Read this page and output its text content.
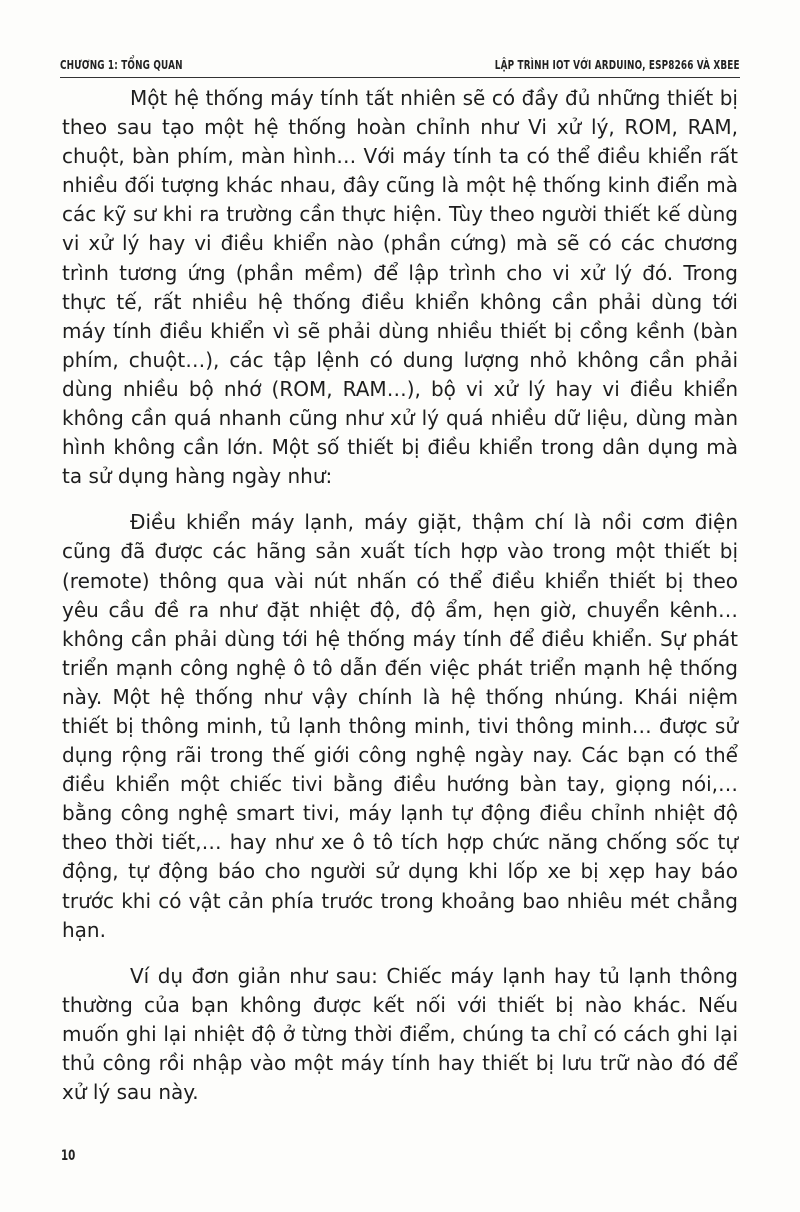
CHƯƠNG 1: TỔNG QUAN	LẬP TRÌNH IOT VỚI ARDUINO, ESP8266 VÀ XBEE

Một hệ thống máy tính tất nhiên sẽ có đầy đủ những thiết bị theo sau tạo một hệ thống hoàn chỉnh như Vi xử lý, ROM, RAM, chuột, bàn phím, màn hình… Với máy tính ta có thể điều khiển rất nhiều đối tượng khác nhau, đây cũng là một hệ thống kinh điển mà các kỹ sư khi ra trường cần thực hiện. Tùy theo người thiết kế dùng vi xử lý hay vi điều khiển nào (phần cứng) mà sẽ có các chương trình tương ứng (phần mềm) để lập trình cho vi xử lý đó. Trong thực tế, rất nhiều hệ thống điều khiển không cần phải dùng tới máy tính điều khiển vì sẽ phải dùng nhiều thiết bị cồng kềnh (bàn phím, chuột…), các tập lệnh có dung lượng nhỏ không cần phải dùng nhiều bộ nhớ (ROM, RAM…), bộ vi xử lý hay vi điều khiển không cần quá nhanh cũng như xử lý quá nhiều dữ liệu, dùng màn hình không cần lớn. Một số thiết bị điều khiển trong dân dụng mà ta sử dụng hàng ngày như:

Điều khiển máy lạnh, máy giặt, thậm chí là nồi cơm điện cũng đã được các hãng sản xuất tích hợp vào trong một thiết bị (remote) thông qua vài nút nhấn có thể điều khiển thiết bị theo yêu cầu đề ra như đặt nhiệt độ, độ ẩm, hẹn giờ, chuyển kênh… không cần phải dùng tới hệ thống máy tính để điều khiển. Sự phát triển mạnh công nghệ ô tô dẫn đến việc phát triển mạnh hệ thống này. Một hệ thống như vậy chính là hệ thống nhúng. Khái niệm thiết bị thông minh, tủ lạnh thông minh, tivi thông minh… được sử dụng rộng rãi trong thế giới công nghệ ngày nay. Các bạn có thể điều khiển một chiếc tivi bằng điều hướng bàn tay, giọng nói,… bằng công nghệ smart tivi, máy lạnh tự động điều chỉnh nhiệt độ theo thời tiết,… hay như xe ô tô tích hợp chức năng chống sốc tự động, tự động báo cho người sử dụng khi lốp xe bị xẹp hay báo trước khi có vật cản phía trước trong khoảng bao nhiêu mét chẳng hạn.

Ví dụ đơn giản như sau: Chiếc máy lạnh hay tủ lạnh thông thường của bạn không được kết nối với thiết bị nào khác. Nếu muốn ghi lại nhiệt độ ở từng thời điểm, chúng ta chỉ có cách ghi lại thủ công rồi nhập vào một máy tính hay thiết bị lưu trữ nào đó để xử lý sau này.

10
